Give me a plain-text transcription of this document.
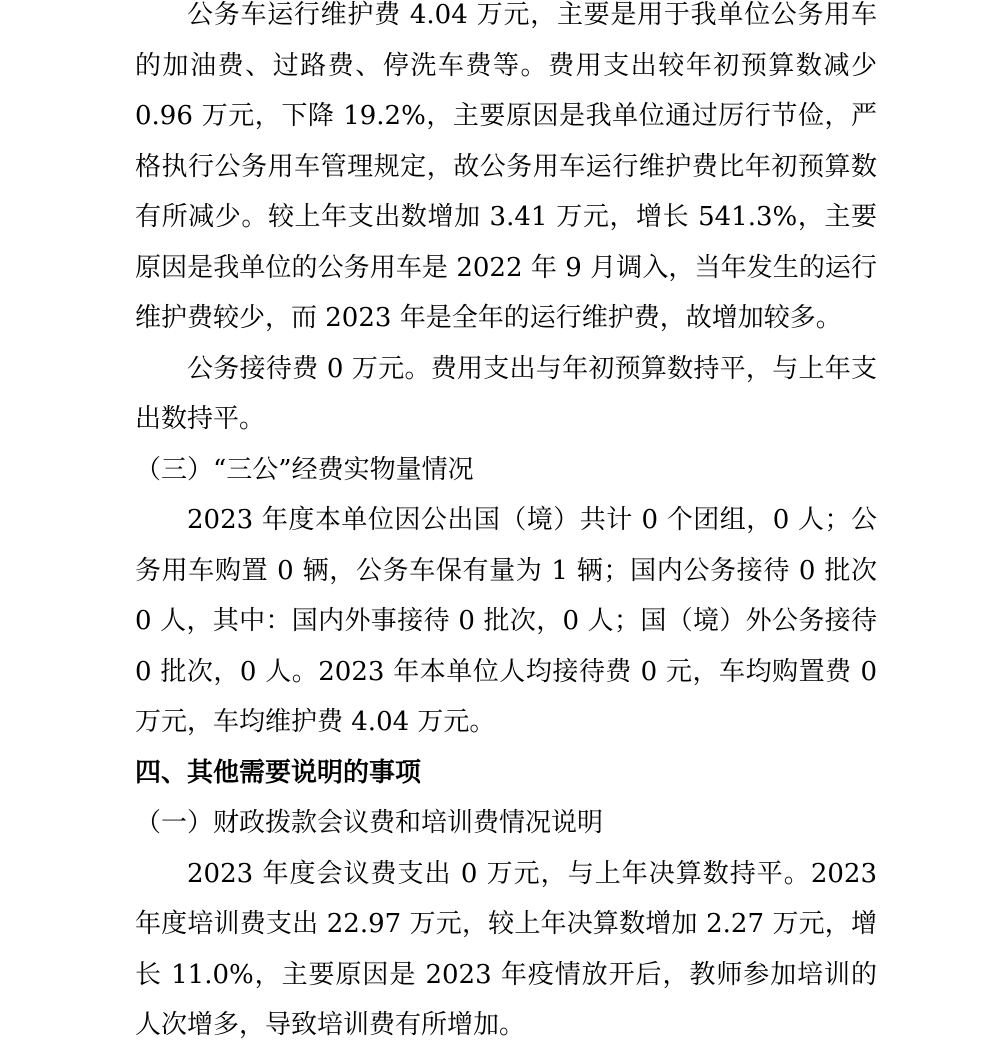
公务车运行维护费 4.04 万元，主要是用于我单位公务用车的加油费、过路费、停洗车费等。费用支出较年初预算数减少 0.96 万元，下降 19.2%，主要原因是我单位通过厉行节俭，严格执行公务用车管理规定，故公务用车运行维护费比年初预算数有所减少。较上年支出数增加 3.41 万元，增长 541.3%，主要原因是我单位的公务用车是 2022 年 9 月调入，当年发生的运行维护费较少，而 2023 年是全年的运行维护费，故增加较多。

公务接待费 0 万元。费用支出与年初预算数持平，与上年支出数持平。

（三）“三公”经费实物量情况

2023 年度本单位因公出国（境）共计 0 个团组，0 人；公务用车购置 0 辆，公务车保有量为 1 辆；国内公务接待 0 批次 0 人，其中：国内外事接待 0 批次，0 人；国（境）外公务接待 0 批次，0 人。2023 年本单位人均接待费 0 元，车均购置费 0 万元，车均维护费 4.04 万元。

四、其他需要说明的事项

（一）财政拨款会议费和培训费情况说明

2023 年度会议费支出 0 万元，与上年决算数持平。2023 年度培训费支出 22.97 万元，较上年决算数增加 2.27 万元，增长 11.0%，主要原因是 2023 年疫情放开后，教师参加培训的人次增多，导致培训费有所增加。
